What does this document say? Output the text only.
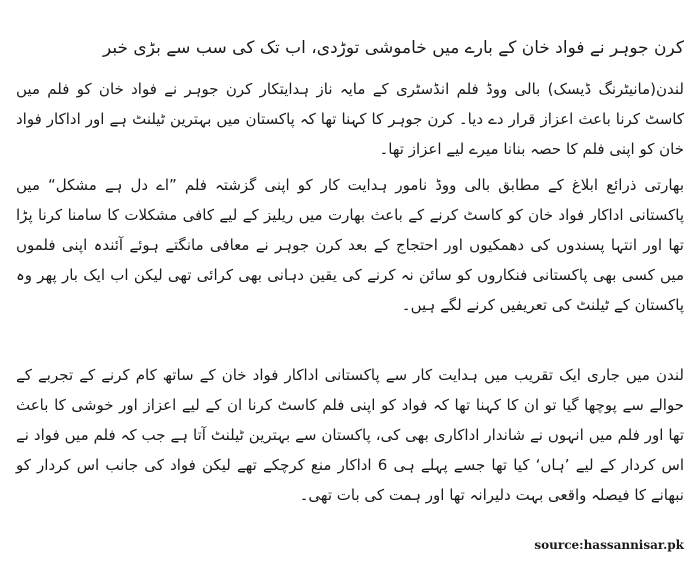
کرن جوہر نے فواد خان کے بارے میں خاموشی توڑدی، اب تک کی سب سے بڑی خبر

لندن(مانیٹرنگ ڈیسک) بالی ووڈ فلم انڈسٹری کے مایہ ناز ہدایتکار کرن جوہر نے فواد خان کو فلم میں کاسٹ کرنا باعث اعزاز قرار دے دیا۔ کرن جوہر کا کہنا تھا کہ پاکستان میں بہترین ٹیلنٹ ہے اور اداکار فواد خان کو اپنی فلم کا حصہ بنانا میرے لیے اعزاز تھا۔

بھارتی ذرائع ابلاغ کے مطابق بالی ووڈ نامور ہدایت کار کو اپنی گزشتہ فلم ”اے دل ہے مشکل“ میں پاکستانی اداکار فواد خان کو کاسٹ کرنے کے باعث بھارت میں ریلیز کے لیے کافی مشکلات کا سامنا کرنا پڑا تھا اور انتہا پسندوں کی دھمکیوں اور احتجاج کے بعد کرن جوہر نے معافی مانگتے ہوئے آئندہ اپنی فلموں میں کسی بھی پاکستانی فنکاروں کو سائن نہ کرنے کی یقین دہانی بھی کرائی تھی لیکن اب ایک بار پھر وہ پاکستان کے ٹیلنٹ کی تعریفیں کرنے لگے ہیں۔

لندن میں جاری ایک تقریب میں ہدایت کار سے پاکستانی اداکار فواد خان کے ساتھ کام کرنے کے تجربے کے حوالے سے پوچھا گیا تو ان کا کہنا تھا کہ فواد کو اپنی فلم کاسٹ کرنا ان کے لیے اعزاز اور خوشی کا باعث تھا اور فلم میں انہوں نے شاندار اداکاری بھی کی، پاکستان سے بہترین ٹیلنٹ آتا ہے جب کہ فلم میں فواد نے اس کردار کے لیے ’ہاں‘ کیا تھا جسے پہلے ہی 6 اداکار منع کرچکے تھے لیکن فواد کی جانب اس کردار کو نبھانے کا فیصلہ واقعی بہت دلیرانہ تھا اور ہمت کی بات تھی۔

source:hassannisar.pk
